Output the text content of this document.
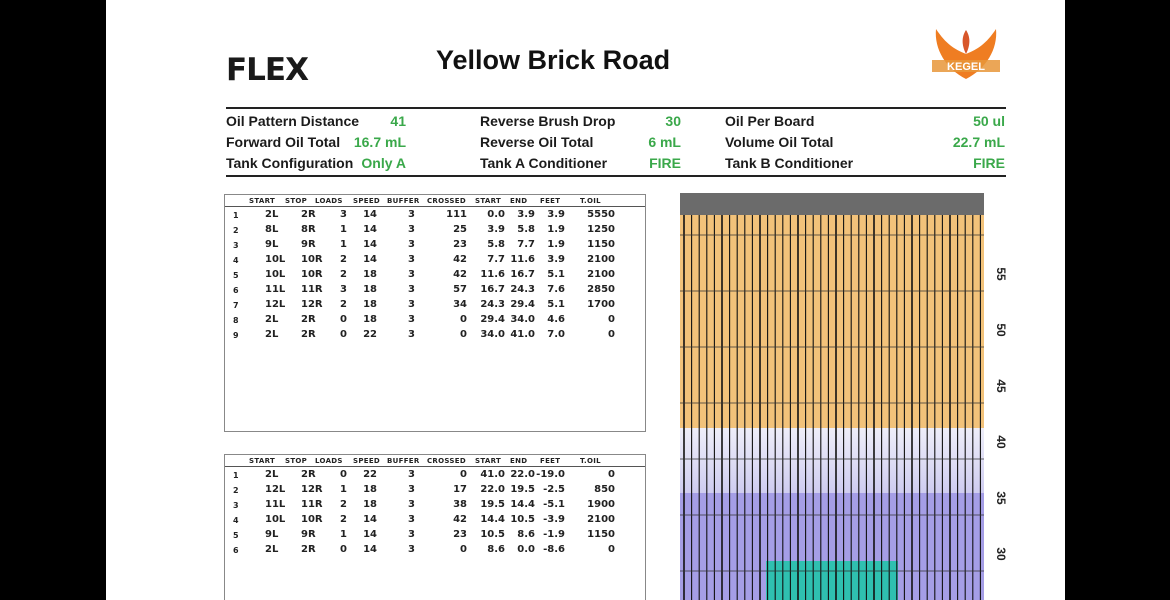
FLEX	Yellow Brick Road	KEGEL
Oil Pattern Distance 41	Reverse Brush Drop	30	Oil Per Board	50 ul
Forward Oil Total 16.7 mL	Reverse Oil Total	6 mL	Volume Oil Total	22.7 mL
Tank Configuration Only A	Tank A Conditioner	FIRE	Tank B Conditioner	FIRE
START STOP LOADS SPEED BUFFER CROSSED START END FEET	T.OIL
1	2L 2R 3 14	3	111 0.0 3.9 3.9 5550
2	8L 8R 1 14	3	25 3.9 5.8 1.9 1250
3	9L 9R 1 14	3	23 5.8 7.7 1.9 1150
4	10L 10R 2 14	3	42 7.7 11.6 3.9 2100
5	10L 10R 2 18	3	42 11.6 16.7 5.1 2100
6	11L 11R 3 18	3	57 16.7 24.3 7.6 2850
7	12L 12R 2 18	3	34 24.3 29.4 5.1 1700
8	2L 2R 0 18	3	0 29.4 34.0 4.6	0
9	2L 2R 0 22	3	0 34.0 41.0 7.0	0
START STOP LOADS SPEED BUFFER CROSSED START END FEET	T.OIL
1	2L 2R 0 22	3	0 41.0 22.0 -19.0	0
2	12L 12R 1 18	3	17 22.0 19.5 -2.5	850
3	11L 11R 2 18	3	38 19.5 14.4 -5.1 1900
4	10L 10R 2 14	3	42 14.4 10.5 -3.9 2100
5	9L 9R 1 14	3	23 10.5 8.6 -1.9 1150
6	2L 2R 0 14	3	0 8.6 0.0 -8.6	0
55
50
45
40
35
30
